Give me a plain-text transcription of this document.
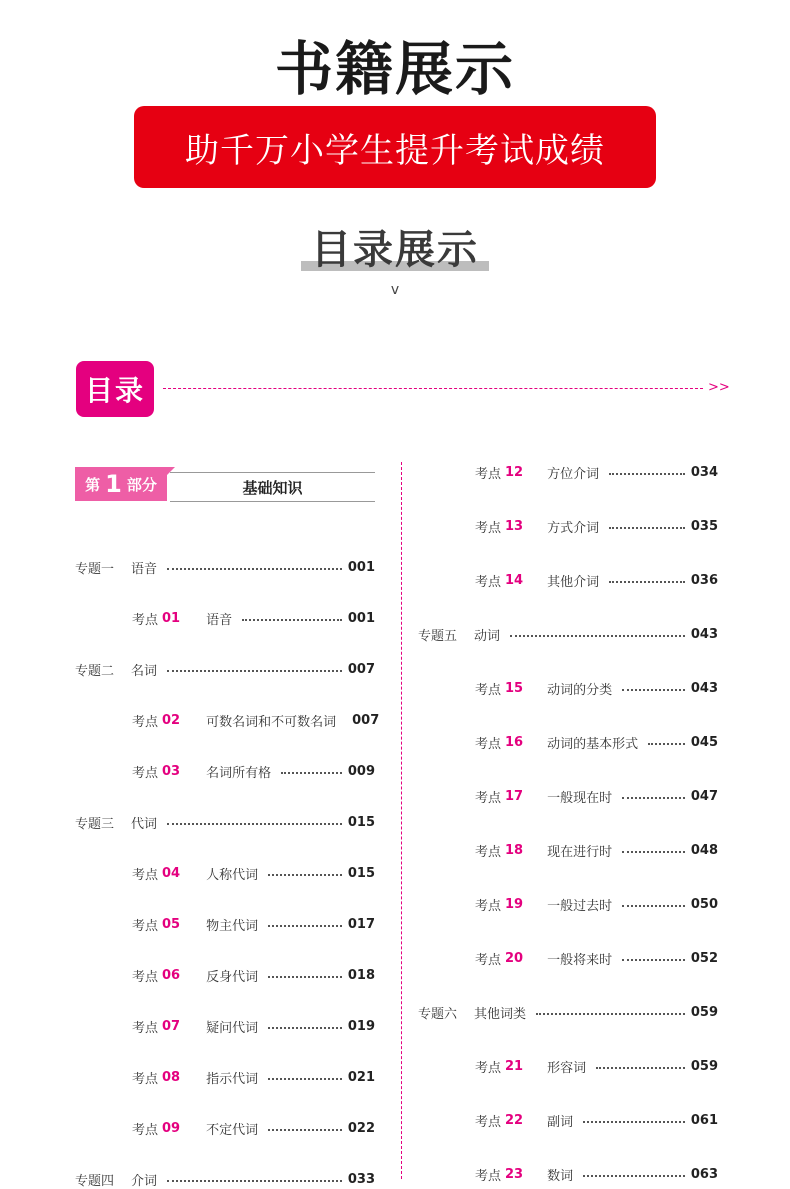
书籍展示
助千万小学生提升考试成绩
目录展示
v
目录	>>
第 1 部分	基础知识
专题一	语音	001
考点 01 语音	001
专题二	名词	007
考点 02 可数名词和不可数名词 007
考点 03 名词所有格	009
专题三	代词	015
考点 04 人称代词	015
考点 05 物主代词	017
考点 06 反身代词	018
考点 07 疑问代词	019
考点 08 指示代词	021
考点 09 不定代词	022
专题四	介词	033
考点 12 方位介词	034
考点 13 方式介词	035
考点 14 其他介词	036
专题五	动词	043
考点 15 动词的分类	043
考点 16 动词的基本形式	045
考点 17 一般现在时	047
考点 18 现在进行时	048
考点 19 一般过去时	050
考点 20 一般将来时	052
专题六	其他词类	059
考点 21 形容词	059
考点 22 副词	061
考点 23 数词	063
